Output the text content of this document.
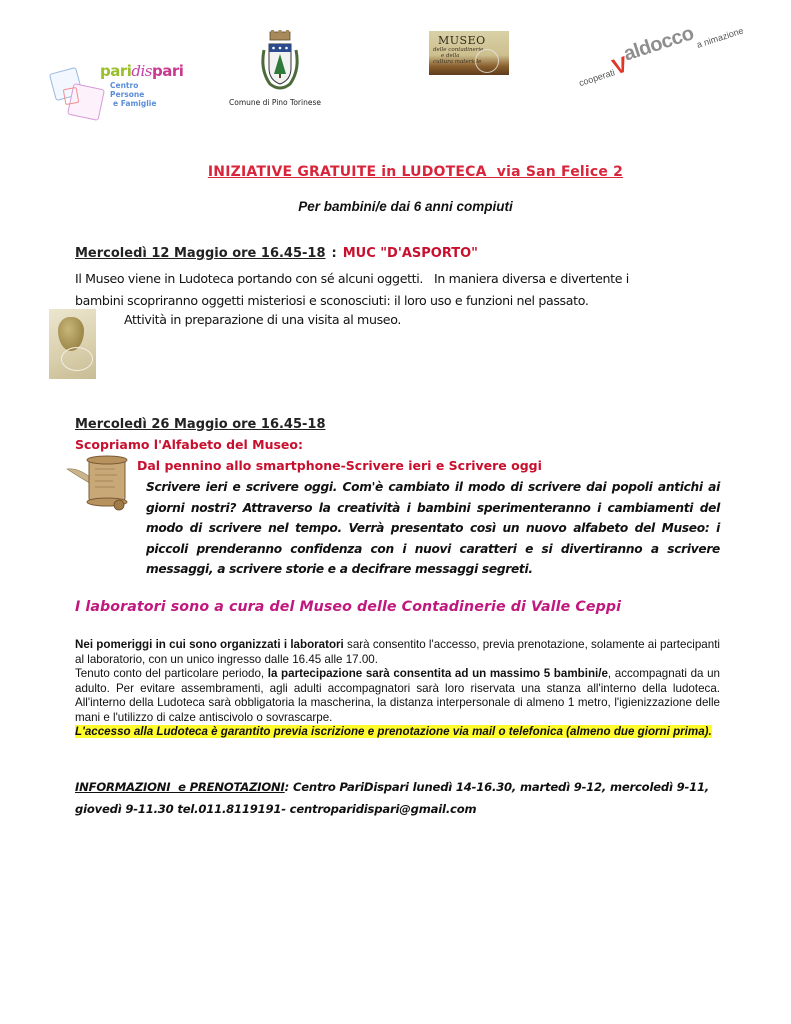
paridispari
Centro Persone
e Famiglie	Comune di Pino Torinese
MUSEO
delle contadinerie
e della
cultura materiale
cooperatiValdoccoa nimazione
INIZIATIVE GRATUITE in LUDOTECA  via San Felice 2
Per bambini/e dai 6 anni compiuti
Mercoledì 12 Maggio ore 16.45-18 : MUC "D'ASPORTO"
Il Museo viene in Ludoteca portando con sé alcuni oggetti.   In maniera diversa e divertente i
bambini scopriranno oggetti misteriosi e sconosciuti: il loro uso e funzioni nel passato.
Attività in preparazione di una visita al museo.
Mercoledì 26 Maggio ore 16.45-18
Scopriamo l'Alfabeto del Museo:
Dal pennino allo smartphone-Scrivere ieri e Scrivere oggi
Scrivere ieri e scrivere oggi. Com'è cambiato il modo di scrivere dai popoli antichi ai giorni nostri? Attraverso la creatività i bambini sperimenteranno i cambiamenti del modo di scrivere nel tempo. Verrà presentato così un nuovo alfabeto del Museo: i piccoli prenderanno confidenza con i nuovi caratteri e si divertiranno a scrivere messaggi, a scrivere storie e a decifrare messaggi segreti.
I laboratori sono a cura del Museo delle Contadinerie di Valle Ceppi

Nei pomeriggi in cui sono organizzati i laboratori sarà consentito l'accesso, previa prenotazione, solamente ai partecipanti al laboratorio, con un unico ingresso dalle 16.45 alle 17.00.

Tenuto conto del particolare periodo, la partecipazione sarà consentita ad un massimo 5 bambini/e, accompagnati da un adulto. Per evitare assembramenti, agli adulti accompagnatori sarà loro riservata una stanza all'interno della ludoteca. All'interno della Ludoteca sarà obbligatoria la mascherina, la distanza interpersonale di almeno 1 metro, l'igienizzazione delle mani e l'utilizzo di calze antiscivolo o sovrascarpe.

L'accesso alla Ludoteca è garantito previa iscrizione e prenotazione via mail o telefonica (almeno due giorni prima).

INFORMAZIONI  e PRENOTAZIONI: Centro PariDispari lunedì 14-16.30, martedì 9-12, mercoledì 9-11, giovedì 9-11.30 tel.011.8119191- centroparidispari@gmail.com
